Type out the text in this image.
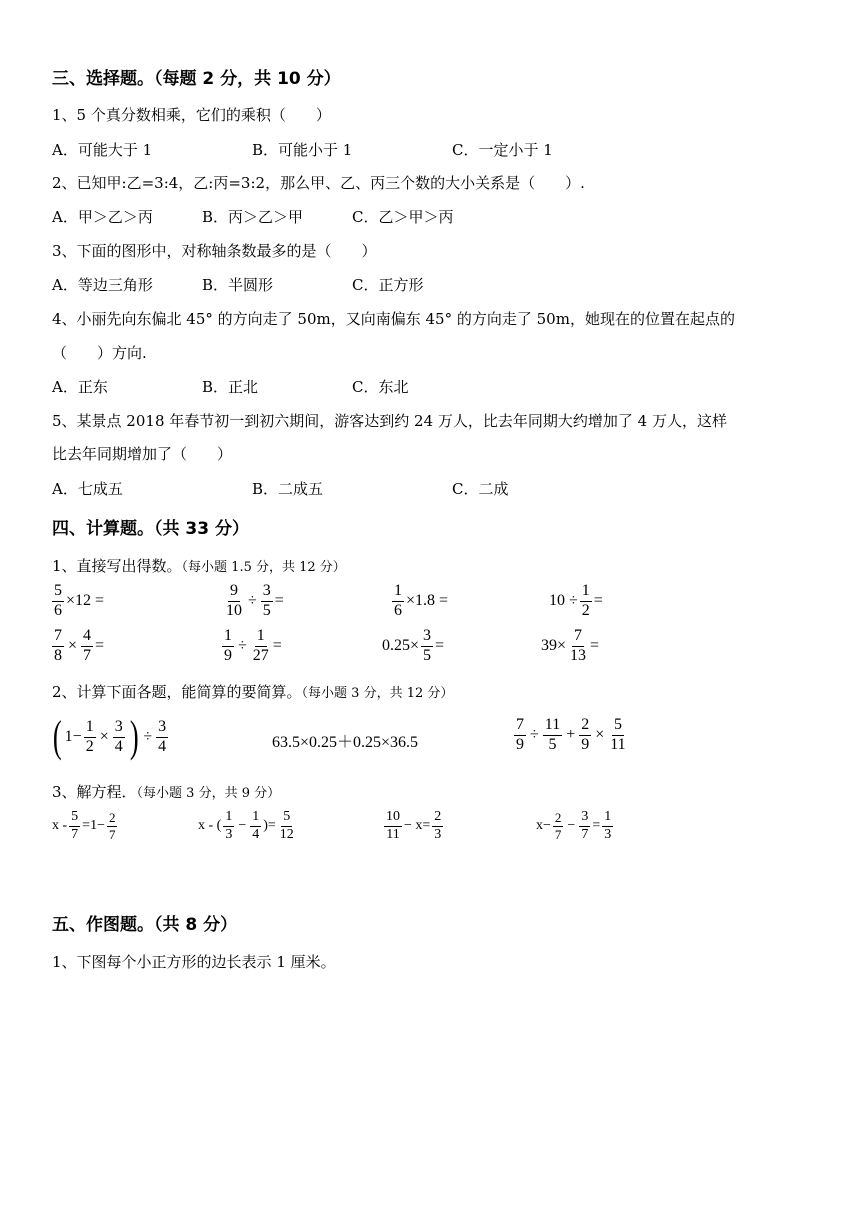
三、选择题。（每题 2 分，共 10 分）
1、5 个真分数相乘，它们的乘积（　　）
A．可能大于 1	B．可能小于 1	C．一定小于 1
2、已知甲:乙=3:4，乙:丙=3:2，那么甲、乙、丙三个数的大小关系是（　　）.
A．甲＞乙＞丙	B．丙＞乙＞甲	C．乙＞甲＞丙
3、下面的图形中，对称轴条数最多的是（　　）
A．等边三角形	B．半圆形	C．正方形
4、小丽先向东偏北 45° 的方向走了 50m，又向南偏东 45° 的方向走了 50m，她现在的位置在起点的
（　　）方向.
A．正东	B．正北	C．东北
5、某景点 2018 年春节初一到初六期间，游客达到约 24 万人，比去年同期大约增加了 4 万人，这样
比去年同期增加了（　　）
A．七成五	B．二成五	C．二成
四、计算题。（共 33 分）
1、直接写出得数。（每小题 1.5 分，共 12 分）
$\frac{5}{6} \times 12$ =	$\frac{9}{10} \div \frac{3}{5}$ =	$\frac{1}{6} \times 1.8$ =	$10 \div \frac{1}{2}$ =
$\frac{7}{8} \times \frac{4}{7}$ =	$\frac{1}{9} \div \frac{1}{27}$ =	$0.25\times \frac{3}{5}$ =	$39\times \frac{7}{13}$ =
2、计算下面各题，能简算的要简算。（每小题 3 分，共 12 分）
( $1- \frac{1}{2} \times \frac{3}{4}$ ) ÷ $\frac{3}{4}$	63.5×0.25＋0.25×36.5	$\frac{7}{9} \div \frac{11}{5} + \frac{2}{9} \times \frac{5}{11}$
3、解方程．（每小题 3 分，共 9 分）
$x - \frac{5}{7} =1- \frac{2}{7}$	x - ( $\frac{1}{3} - \frac{1}{4}$ )= $\frac{5}{12}$	$\frac{10}{11} - x= \frac{2}{3}$	$x- \frac{2}{7} - \frac{3}{7} = \frac{1}{3}$
五、作图题。（共 8 分）
1、下图每个小正方形的边长表示 1 厘米。
